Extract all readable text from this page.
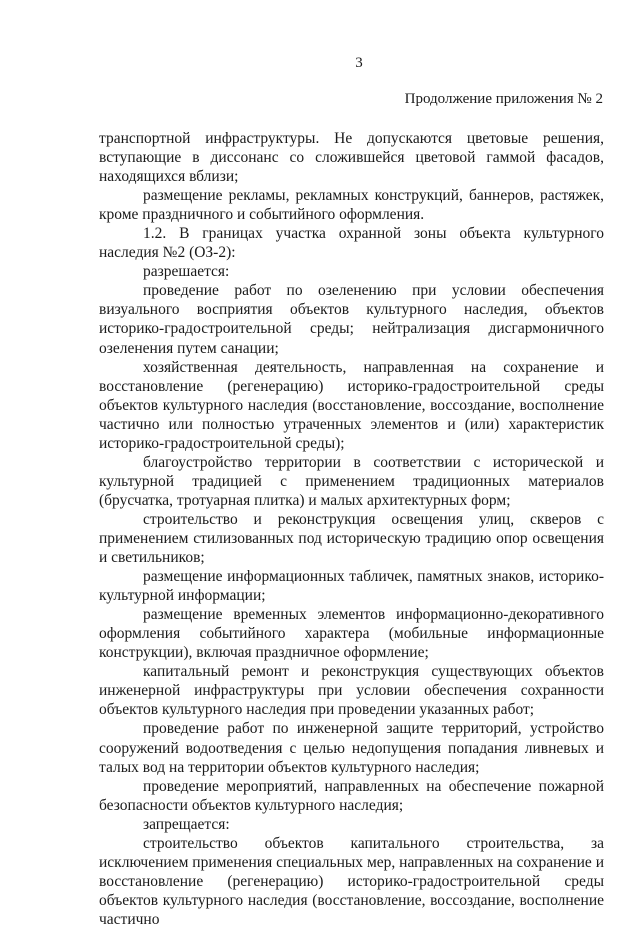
3
Продолжение приложения № 2

транспортной инфраструктуры. Не допускаются цветовые решения, вступающие в диссонанс со сложившейся цветовой гаммой фасадов, находящихся вблизи;

размещение рекламы, рекламных конструкций, баннеров, растяжек, кроме праздничного и событийного оформления.

1.2. В границах участка охранной зоны объекта культурного наследия №2 (ОЗ-2):

разрешается:

проведение работ по озеленению при условии обеспечения визуального восприятия объектов культурного наследия, объектов историко-градостроительной среды; нейтрализация дисгармоничного озеленения путем санации;

хозяйственная деятельность, направленная на сохранение и восстановление (регенерацию) историко-градостроительной среды объектов культурного наследия (восстановление, воссоздание, восполнение частично или полностью утраченных элементов и (или) характеристик историко-градостроительной среды);

благоустройство территории в соответствии с исторической и культурной традицией с применением традиционных материалов (брусчатка, тротуарная плитка) и малых архитектурных форм;

строительство и реконструкция освещения улиц, скверов с применением стилизованных под историческую традицию опор освещения и светильников;

размещение информационных табличек, памятных знаков, историко-культурной информации;

размещение временных элементов информационно-декоративного оформления событийного характера (мобильные информационные конструкции), включая праздничное оформление;

капитальный ремонт и реконструкция существующих объектов инженерной инфраструктуры при условии обеспечения сохранности объектов культурного наследия при проведении указанных работ;

проведение работ по инженерной защите территорий, устройство сооружений водоотведения с целью недопущения попадания ливневых и талых вод на территории объектов культурного наследия;

проведение мероприятий, направленных на обеспечение пожарной безопасности объектов культурного наследия;

запрещается:

строительство объектов капитального строительства, за исключением применения специальных мер, направленных на сохранение и восстановление (регенерацию) историко-градостроительной среды объектов культурного наследия (восстановление, воссоздание, восполнение частично
